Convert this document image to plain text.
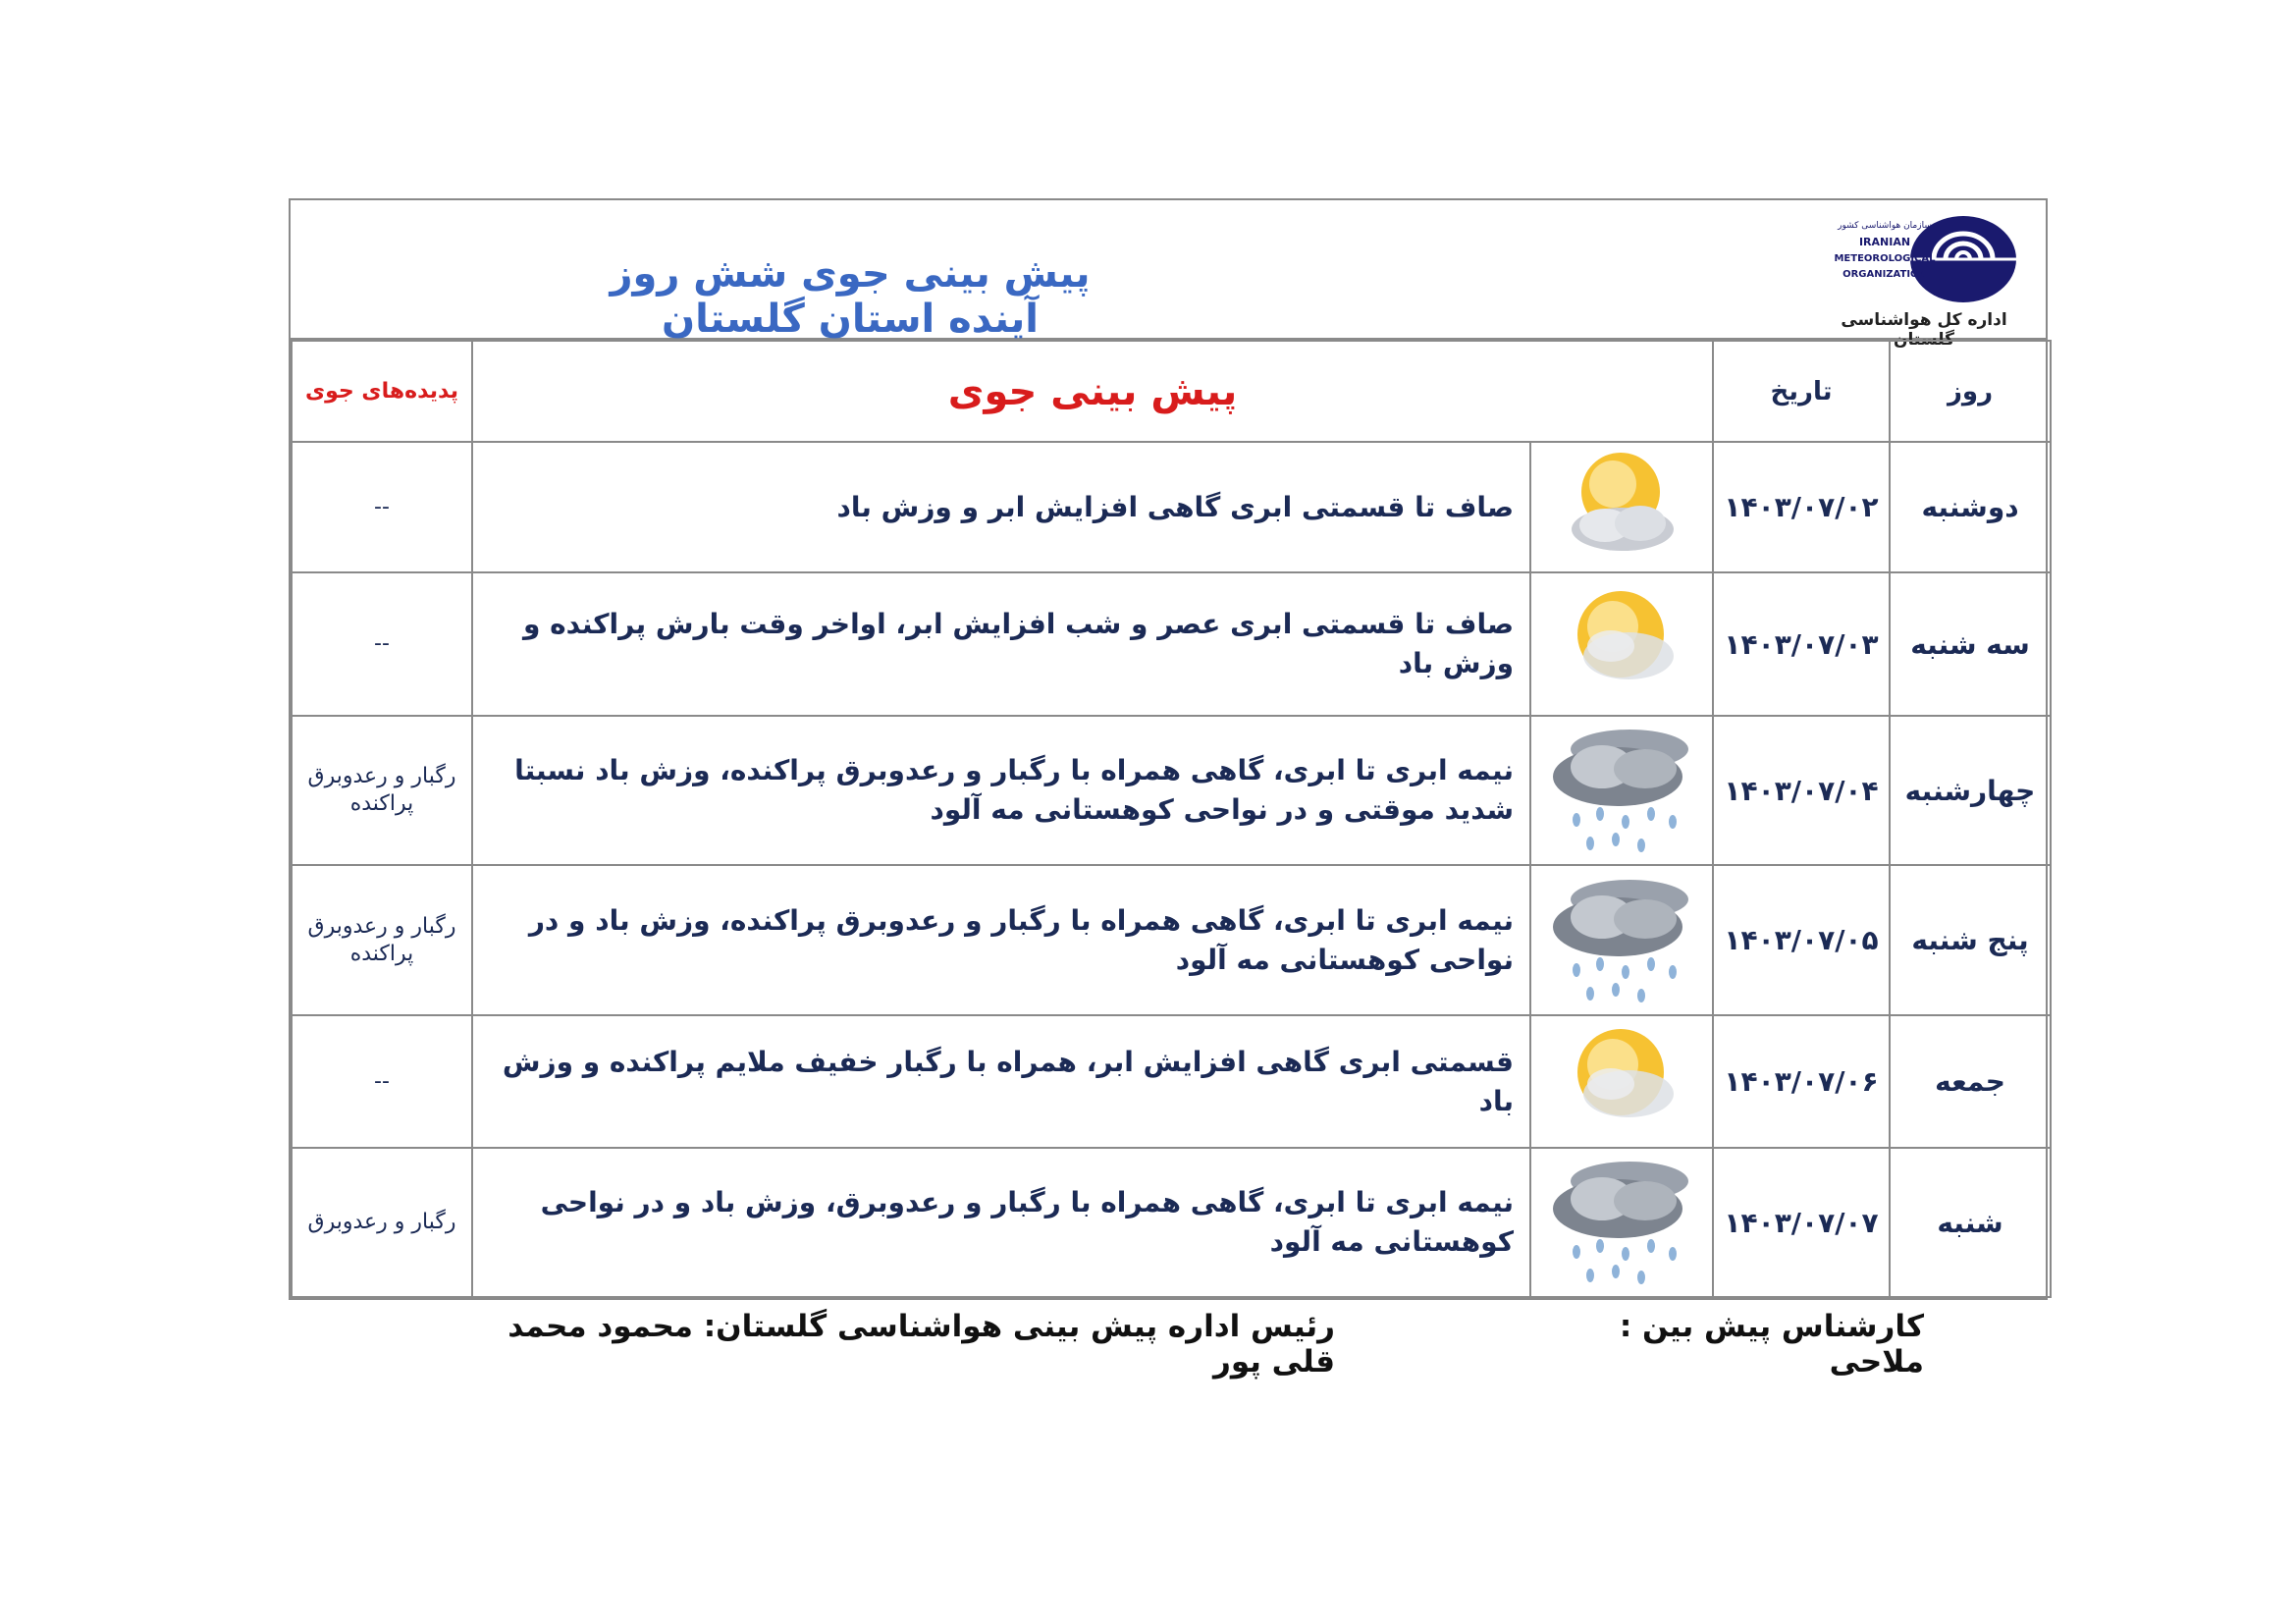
پیش بینی جوی شش روز آینده استان گلستان
سازمان هواشناسی کشور
IRANIAN
METEOROLOGICAL
ORGANIZATION
اداره کل هواشناسی گلستان
روز	تاریخ	پیش بینی جوی		پدیده‌های جوی
دوشنبه	۱۴۰۳/۰۷/۰۲		صاف تا قسمتی ابری گاهی افزایش ابر و وزش باد	--
سه شنبه	۱۴۰۳/۰۷/۰۳		صاف تا قسمتی ابری عصر و شب افزایش ابر، اواخر وقت بارش پراکنده و وزش باد	--
چهارشنبه	۱۴۰۳/۰۷/۰۴		نیمه ابری تا ابری، گاهی همراه با رگبار و رعدوبرق پراکنده، وزش باد نسبتا شدید موقتی و در نواحی کوهستانی مه آلود	رگبار و رعدوبرق پراکنده
پنج شنبه	۱۴۰۳/۰۷/۰۵		نیمه ابری تا ابری، گاهی همراه با رگبار و رعدوبرق پراکنده، وزش باد و در نواحی کوهستانی مه آلود	رگبار و رعدوبرق پراکنده
جمعه	۱۴۰۳/۰۷/۰۶		قسمتی ابری گاهی افزایش ابر، همراه با رگبار خفیف ملایم پراکنده و وزش باد	--
شنبه	۱۴۰۳/۰۷/۰۷		نیمه ابری تا ابری، گاهی همراه با رگبار و رعدوبرق، وزش باد و در نواحی کوهستانی مه آلود	رگبار و رعدوبرق
کارشناس پیش بین : ملاحی
رئیس اداره پیش بینی هواشناسی گلستان: محمود محمد قلی پور
